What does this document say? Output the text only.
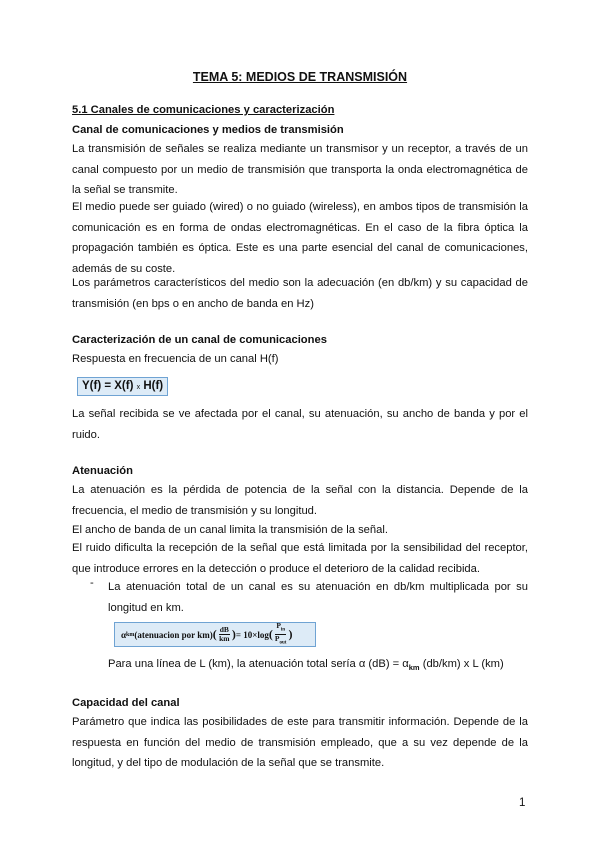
TEMA 5: MEDIOS DE TRANSMISIÓN
5.1 Canales de comunicaciones y caracterización
Canal de comunicaciones y medios de transmisión
La transmisión de señales se realiza mediante un transmisor y un receptor, a través de un canal compuesto por un medio de transmisión que transporta la onda electromagnética de la señal se transmite.
El medio puede ser guiado (wired) o no guiado (wireless), en ambos tipos de transmisión la comunicación es en forma de ondas electromagnéticas. En el caso de la fibra óptica la propagación también es óptica. Este es una parte esencial del canal de comunicaciones, además de su coste.
Los parámetros característicos del medio son la adecuación (en db/km) y su capacidad de transmisión (en bps o en ancho de banda en Hz)
Caracterización de un canal de comunicaciones
Respuesta en frecuencia de un canal H(f)
Y(f) = X(f) x H(f)
La señal recibida se ve afectada por el canal, su atenuación, su ancho de banda y por el ruido.
Atenuación
La atenuación es la pérdida de potencia de la señal con la distancia. Depende de la frecuencia, el medio de transmisión y su longitud.
El ancho de banda de un canal limita la transmisión de la señal.
El ruido dificulta la recepción de la señal que está limitada por la sensibilidad del receptor, que introduce errores en la detección o produce el deterioro de la calidad recibida.
- La atenuación total de un canal es su atenuación en db/km multiplicada por su longitud en km.
α km (atenuacion por km) ( $\frac{dB}{km}$ ) = 10×log ( $\frac{P_{in}}{P_{out}}$ )
Para una línea de L (km), la atenuación total sería α $(dB) = \alpha_{km}$ (db/km) x L (km)
Capacidad del canal
Parámetro que indica las posibilidades de este para transmitir información. Depende de la respuesta en función del medio de transmisión empleado, que a su vez depende de la longitud, y del tipo de modulación de la señal que se transmite.
1
